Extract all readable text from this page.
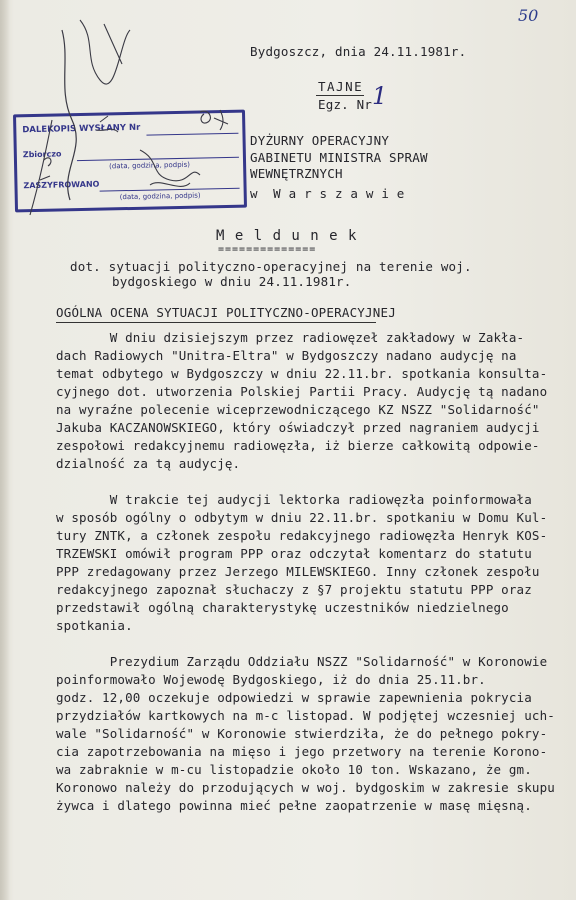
50
Bydgoszcz, dnia 24.11.1981r.
TAJNE
Egz. Nr 1
DYŻURNY OPERACYJNY
GABINETU MINISTRA SPRAW
WEWNĘTRZNYCH
w  W a r s z a w i e
DALEKOPIS WYSŁANY Nr
Zbiorczo
(data, godzina, podpis)
ZASZYFROWANO
(data, godzina, podpis)
M e l d u n e k
==============
dot. sytuacji polityczno-operacyjnej na terenie woj.
bydgoskiego w dniu 24.11.1981r.
OGÓLNA OCENA SYTUACJI POLITYCZNO-OPERACYJNEJ
W dniu dzisiejszym przez radiowęzeł zakładowy w Zakła-
dach Radiowych "Unitra-Eltra" w Bydgoszczy nadano audycję na
temat odbytego w Bydgoszczy w dniu 22.11.br. spotkania konsulta-
cyjnego dot. utworzenia Polskiej Partii Pracy. Audycję tą nadano
na wyraźne polecenie wiceprzewodniczącego KZ NSZZ "Solidarność"
Jakuba KACZANOWSKIEGO, który oświadczył przed nagraniem audycji
zespołowi redakcyjnemu radiowęzła, iż bierze całkowitą odpowie-
dzialność za tą audycję.
W trakcie tej audycji lektorka radiowęzła poinformowała
w sposób ogólny o odbytym w dniu 22.11.br. spotkaniu w Domu Kul-
tury ZNTK, a członek zespołu redakcyjnego radiowęzła Henryk KOS-
TRZEWSKI omówił program PPP oraz odczytał komentarz do statutu
PPP zredagowany przez Jerzego MILEWSKIEGO. Inny członek zespołu
redakcyjnego zapoznał słuchaczy z §7 projektu statutu PPP oraz
przedstawił ogólną charakterystykę uczestników niedzielnego
spotkania.
Prezydium Zarządu Oddziału NSZZ "Solidarność" w Koronowie
poinformowało Wojewodę Bydgoskiego, iż do dnia 25.11.br.
godz. 12,00 oczekuje odpowiedzi w sprawie zapewnienia pokrycia
przydziałów kartkowych na m-c listopad. W podjętej wczesniej uch-
wale "Solidarność" w Koronowie stwierdziła, że do pełnego pokry-
cia zapotrzebowania na mięso i jego przetwory na terenie Korono-
wa zabraknie w m-cu listopadzie około 10 ton. Wskazano, że gm.
Koronowo należy do przodujących w woj. bydgoskim w zakresie skupu
żywca i dlatego powinna mieć pełne zaopatrzenie w masę mięsną.
